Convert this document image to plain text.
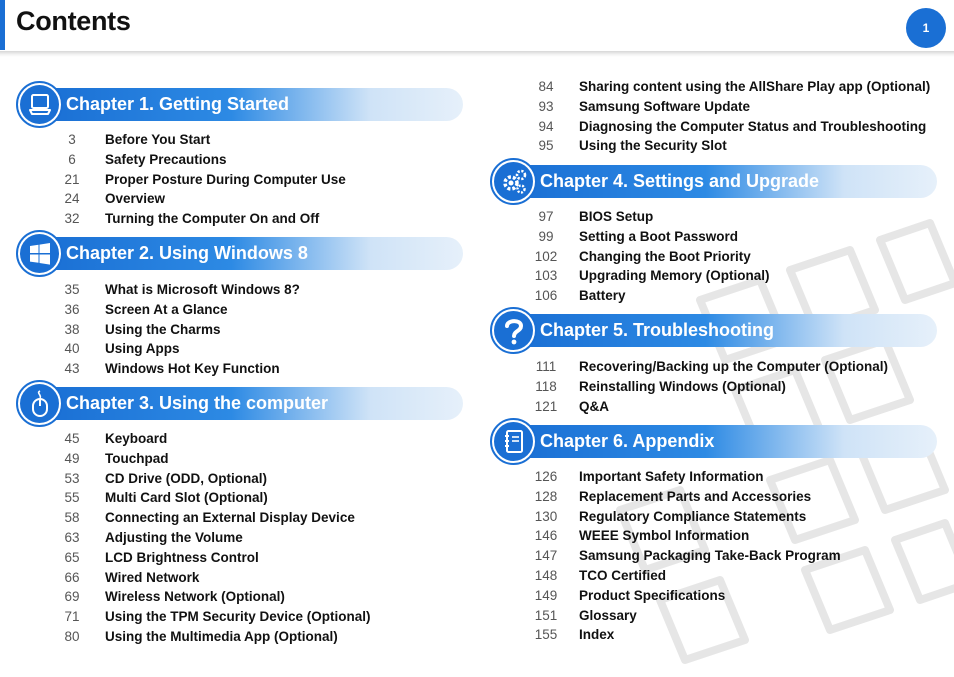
Contents	1
Chapter 1. Getting Started
3	Before You Start
6	Safety Precautions
21	Proper Posture During Computer Use
24	Overview
32	Turning the Computer On and Off
Chapter 2. Using Windows 8
35	What is Microsoft Windows 8?
36	Screen At a Glance
38	Using the Charms
40	Using Apps
43	Windows Hot Key Function
Chapter 3. Using the computer
45	Keyboard
49	Touchpad
53	CD Drive (ODD, Optional)
55	Multi Card Slot (Optional)
58	Connecting an External Display Device
63	Adjusting the Volume
65	LCD Brightness Control
66	Wired Network
69	Wireless Network (Optional)
71	Using the TPM Security Device (Optional)
80	Using the Multimedia App (Optional)
84	Sharing content using the AllShare Play app (Optional)
93	Samsung Software Update
94	Diagnosing the Computer Status and Troubleshooting
95	Using the Security Slot
Chapter 4. Settings and Upgrade
97	BIOS Setup
99	Setting a Boot Password
102 Changing the Boot Priority
103 Upgrading Memory (Optional)
106 Battery
Chapter 5. Troubleshooting
111	Recovering/Backing up the Computer (Optional)
118	Reinstalling Windows (Optional)
121 Q&A
Chapter 6. Appendix
126 Important Safety Information
128 Replacement Parts and Accessories
130 Regulatory Compliance Statements
146 WEEE Symbol Information
147 Samsung Packaging Take-Back Program
148 TCO Certified
149 Product Specifications
151 Glossary
155 Index
